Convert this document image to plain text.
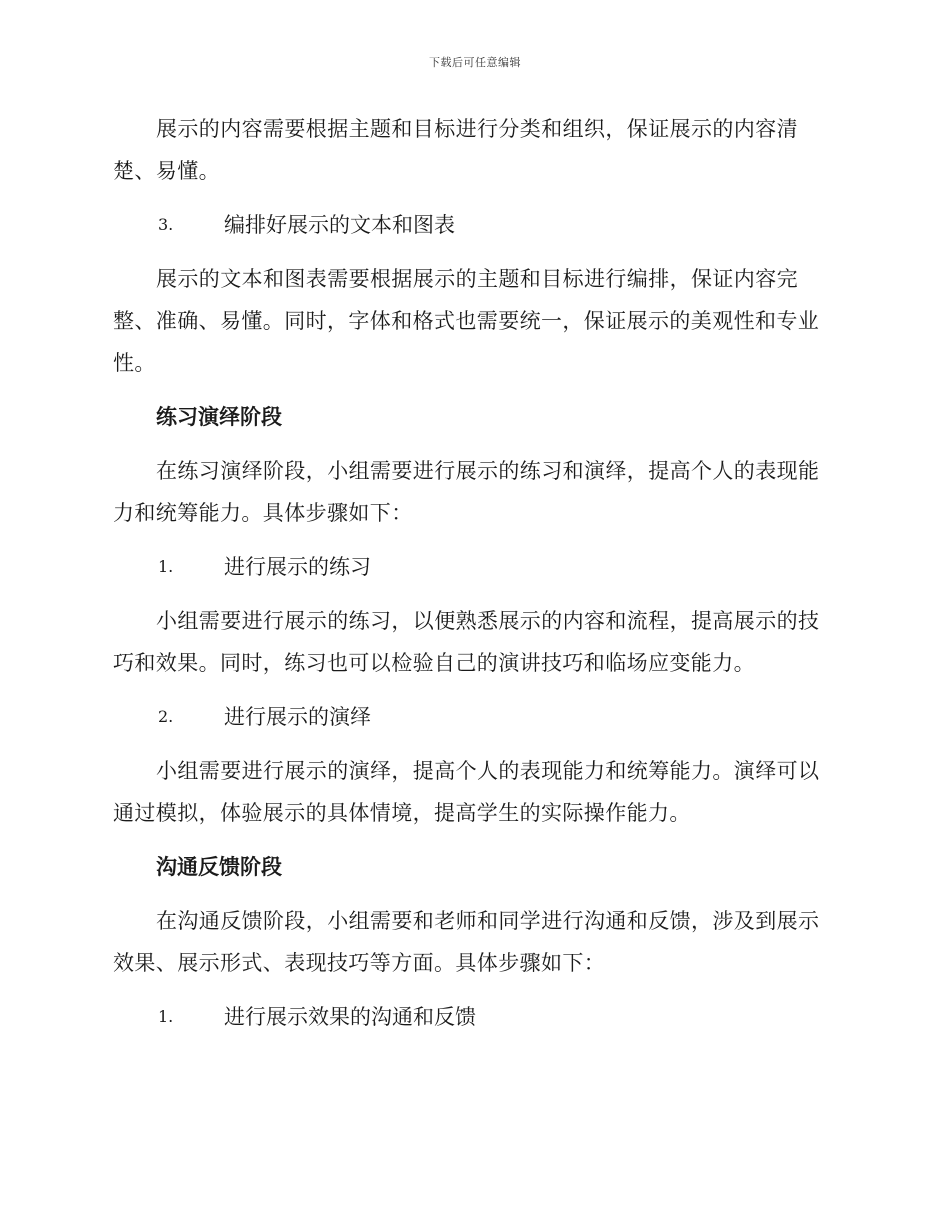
下载后可任意编辑

展示的内容需要根据主题和目标进行分类和组织，保证展示的内容清楚、易懂。

3. 编排好展示的文本和图表

展示的文本和图表需要根据展示的主题和目标进行编排，保证内容完整、准确、易懂。同时，字体和格式也需要统一，保证展示的美观性和专业性。

练习演绎阶段

在练习演绎阶段，小组需要进行展示的练习和演绎，提高个人的表现能力和统筹能力。具体步骤如下：

1. 进行展示的练习

小组需要进行展示的练习，以便熟悉展示的内容和流程，提高展示的技巧和效果。同时，练习也可以检验自己的演讲技巧和临场应变能力。

2. 进行展示的演绎

小组需要进行展示的演绎，提高个人的表现能力和统筹能力。演绎可以通过模拟，体验展示的具体情境，提高学生的实际操作能力。

沟通反馈阶段

在沟通反馈阶段，小组需要和老师和同学进行沟通和反馈，涉及到展示效果、展示形式、表现技巧等方面。具体步骤如下：

1. 进行展示效果的沟通和反馈
